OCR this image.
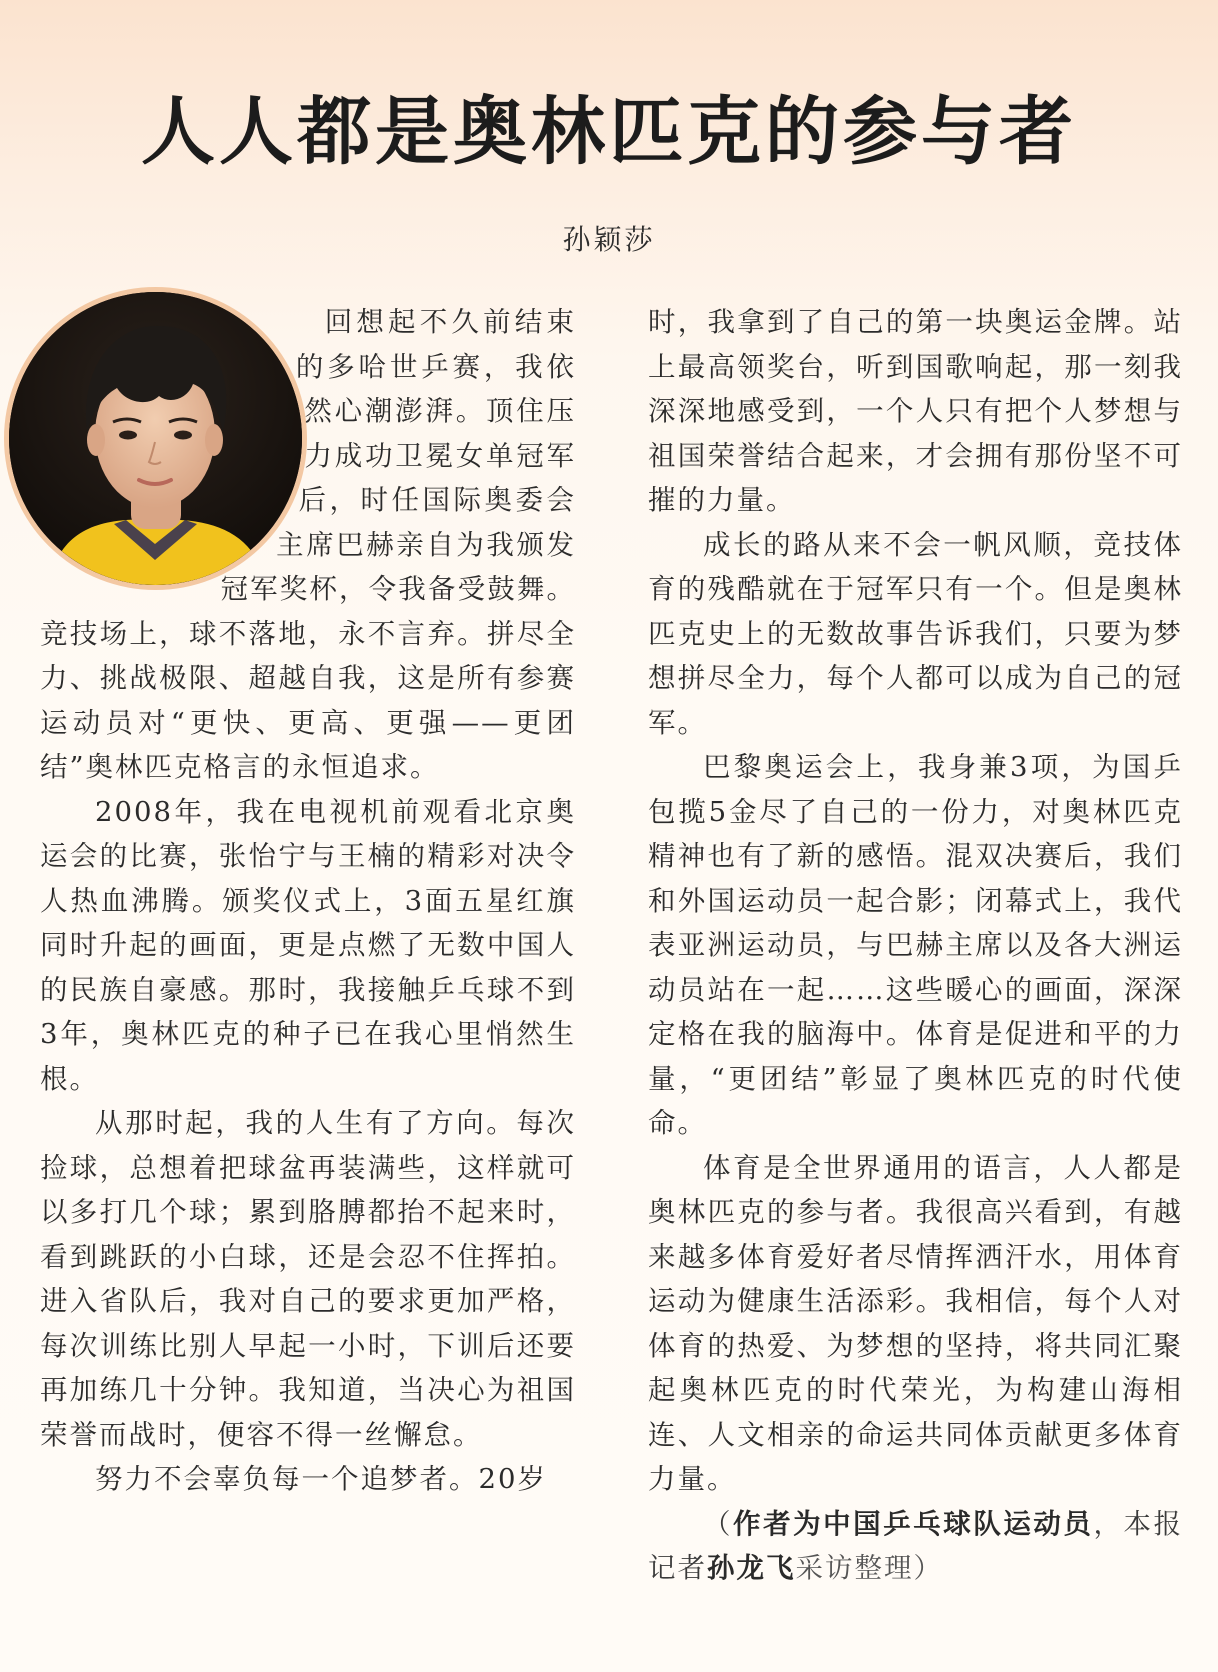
人人都是奥林匹克的参与者
孙颖莎

回想起不久前结束的多哈世乒赛，我依然心潮澎湃。顶住压力成功卫冕女单冠军后，时任国际奥委会主席巴赫亲自为我颁发冠军奖杯，令我备受鼓舞。竞技场上，球不落地，永不言弃。拼尽全力、挑战极限、超越自我，这是所有参赛运动员对“更快、更高、更强——更团结”奥林匹克格言的永恒追求。

2008年，我在电视机前观看北京奥运会的比赛，张怡宁与王楠的精彩对决令人热血沸腾。颁奖仪式上，3面五星红旗同时升起的画面，更是点燃了无数中国人的民族自豪感。那时，我接触乒乓球不到3年，奥林匹克的种子已在我心里悄然生根。

从那时起，我的人生有了方向。每次捡球，总想着把球盆再装满些，这样就可以多打几个球；累到胳膊都抬不起来时，看到跳跃的小白球，还是会忍不住挥拍。进入省队后，我对自己的要求更加严格，每次训练比别人早起一小时，下训后还要再加练几十分钟。我知道，当决心为祖国荣誉而战时，便容不得一丝懈怠。

努力不会辜负每一个追梦者。20岁

时，我拿到了自己的第一块奥运金牌。站上最高领奖台，听到国歌响起，那一刻我深深地感受到，一个人只有把个人梦想与祖国荣誉结合起来，才会拥有那份坚不可摧的力量。

成长的路从来不会一帆风顺，竞技体育的残酷就在于冠军只有一个。但是奥林匹克史上的无数故事告诉我们，只要为梦想拼尽全力，每个人都可以成为自己的冠军。

巴黎奥运会上，我身兼3项，为国乒包揽5金尽了自己的一份力，对奥林匹克精神也有了新的感悟。混双决赛后，我们和外国运动员一起合影；闭幕式上，我代表亚洲运动员，与巴赫主席以及各大洲运动员站在一起……这些暖心的画面，深深定格在我的脑海中。体育是促进和平的力量，“更团结”彰显了奥林匹克的时代使命。

体育是全世界通用的语言，人人都是奥林匹克的参与者。我很高兴看到，有越来越多体育爱好者尽情挥洒汗水，用体育运动为健康生活添彩。我相信，每个人对体育的热爱、为梦想的坚持，将共同汇聚起奥林匹克的时代荣光，为构建山海相连、人文相亲的命运共同体贡献更多体育力量。

（作者为中国乒乓球队运动员，本报记者孙龙飞采访整理）
